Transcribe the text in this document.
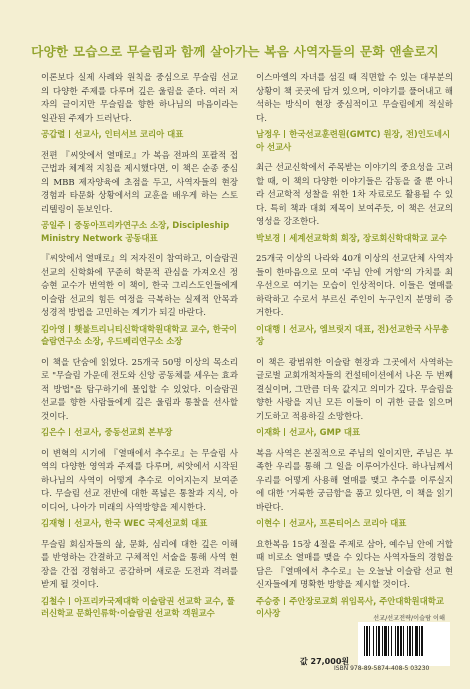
다양한 모습으로 무슬림과 함께 살아가는 복음 사역자들의 문화 앤솔로지

이론보다 실제 사례와 원칙을 중심으로 무슬림 선교의 다양한 주제를 다루며 깊은 울림을 준다. 여러 저자의 글이지만 무슬림을 향한 하나님의 마음이라는 일관된 주제가 드러난다.

공갑렬 선교사, 인터서브 코리아 대표

전편 『씨앗에서 열매로』가 복음 전파의 포괄적 접근법과 체계적 지침을 제시했다면, 이 책은 순종 중심의 MBB 제자양육에 초점을 두고, 사역자들의 현장 경험과 타문화 상황에서의 교훈을 배우게 하는 스토리텔링이 돋보인다.

공일주 중동아프리카연구소 소장, Discipleship Ministry Network 공동대표

『씨앗에서 열매로』의 저자진이 참여하고, 이슬람권 선교의 신학화에 꾸준히 학문적 관심을 가져오신 정승현 교수가 번역한 이 책이, 한국 그리스도인들에게 이슬람 선교의 힘든 여정을 극복하는 실제적 안목과 성경적 방법을 고민하는 계기가 되길 바란다.

김아영 횃불트리니티신학대학원대학교 교수, 한국이슬람연구소 소장, 우드베리연구소 소장

이 책을 단숨에 읽었다. 25개국 50명 이상의 목소리로 "무슬림 가운데 전도와 신앙 공동체를 세우는 효과적 방법"을 탐구하기에 몰입할 수 있었다. 이슬람권 선교를 향한 사람들에게 깊은 울림과 통찰을 선사할 것이다.

김은수 선교사, 중동선교회 본부장

이 변혁의 시기에 『열매에서 추수로』는 무슬림 사역의 다양한 영역과 주제를 다루며, 씨앗에서 시작된 하나님의 사역이 어떻게 추수로 이어지는지 보여준다. 무슬림 선교 전반에 대한 폭넓은 통찰과 지식, 아이디어, 나아가 미래의 사역방향을 제시한다.

김재형 선교사, 한국 WEC 국제선교회 대표

무슬림 회심자들의 삶, 문화, 심리에 대한 깊은 이해를 반영하는 간결하고 구체적인 서술을 통해 사역 현장을 간접 경험하고 공감하며 새로운 도전과 격려를 받게 될 것이다.

김철수 아프리카국제대학 이슬람권 선교학 교수, 풀러신학교 문화인류학·이슬람권 선교학 객원교수

이스마엘의 자녀를 섬길 때 직면할 수 있는 대부분의 상황이 책 곳곳에 담겨 있으며, 이야기를 풀어내고 해석하는 방식이 현장 중심적이고 무슬림에게 적실하다.

남정우 한국선교훈련원(GMTC) 원장, 전)인도네시아 선교사

최근 선교신학에서 주목받는 이야기의 중요성을 고려할 때, 이 책의 다양한 이야기들은 감동을 줄 뿐 아니라 선교학적 성찰을 위한 1차 자료로도 활용될 수 있다. 특히 책과 대회 제목이 보여주듯, 이 책은 선교의 영성을 강조한다.

박보경 세계선교학회 회장, 장로회신학대학교 교수

25개국 이상의 나라와 40개 이상의 선교단체 사역자들이 한마음으로 모여 '주님 안에 거함'의 가치를 최우선으로 여기는 모습이 인상적이다. 이들은 열매를 하락하고 수로서 부르신 주인이 누구인지 분명히 증거한다.

이대행 선교사, 엠브릿지 대표, 전)선교한국 사무총장

이 책은 광범위한 이슬람 현장과 그곳에서 사역하는 글로벌 교회개척자들의 컨설테이션에서 나온 두 번째 결실이며, 그만큼 더욱 값지고 의미가 깊다. 무슬림을 향한 사랑을 지닌 모든 이들이 이 귀한 글을 읽으며 기도하고 적용하길 소망한다.

이재화 선교사, GMP 대표

복음 사역은 본질적으로 주님의 일이지만, 주님은 부족한 우리를 통해 그 일을 이루어가신다. 하나님께서 우리를 어떻게 사용해 열매를 맺고 추수를 이루실지에 대한 '거룩한 궁금함'을 품고 있다면, 이 책을 읽기 바란다.

이현수 선교사, 프론티어스 코리아 대표

요한복음 15장 4절을 주제로 삼아, 예수님 안에 거할 때 비로소 열매를 맺을 수 있다는 사역자들의 경험을 담은 『열매에서 추수로』는 오늘날 이슬람 선교 현신자들에게 명확한 방향을 제시할 것이다.

주승중 주안장로교회 위임목사, 주안대학원대학교 이사장
선교/선교전략/이슬람 이해
값 27,000원
ISBN 978-89-5874-408-5 03230
